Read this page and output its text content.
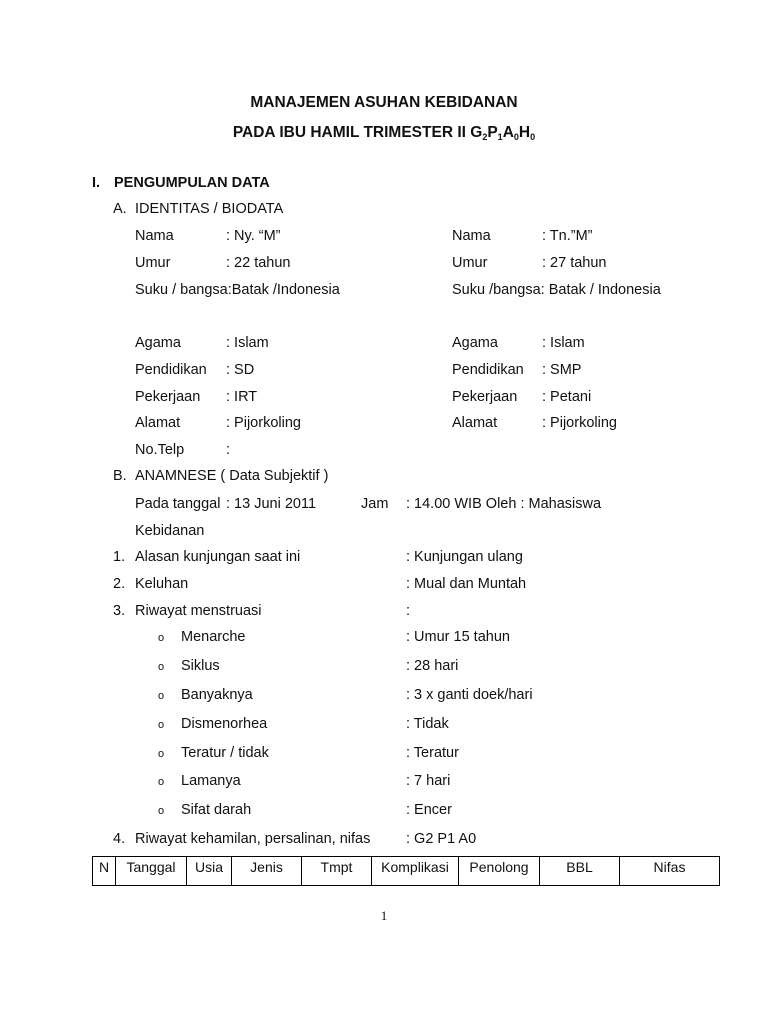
MANAJEMEN ASUHAN KEBIDANAN
PADA IBU HAMIL TRIMESTER II $G_2P_1A_0H_0$
I. PENGUMPULAN DATA
A. IDENTITAS / BIODATA
Nama	: Ny. “M”
Umur	: 22 tahun
Suku / bangsa:Batak /Indonesia
Agama	: Islam
Pendidikan : SD
Pekerjaan : IRT
Alamat	: Pijorkoling
No.Telp	:
Nama	: Tn.”M”
Umur	: 27 tahun
Suku /bangsa: Batak / Indonesia
Agama	: Islam
Pendidikan : SMP
Pekerjaan : Petani
Alamat	: Pijorkoling
B. ANAMNESE ( Data Subjektif )
Pada tanggal : 13 Juni 2011	Jam : 14.00 WIB Oleh : Mahasiswa
Kebidanan
1. Alasan kunjungan saat ini	: Kunjungan ulang
2. Keluhan	: Mual dan Muntah
3. Riwayat menstruasi	:
o Menarche	: Umur 15 tahun
o Siklus	: 28 hari
o Banyaknya	: 3 x ganti doek/hari
o Dismenorhea	: Tidak
o Teratur / tidak	: Teratur
o Lamanya	: 7 hari
o Sifat darah	: Encer
4. Riwayat kehamilan, persalinan, nifas : G2 P1 A0
N	Tanggal	Usia	Jenis	Tmpt	Komplikasi	Penolong	BBL	Nifas
1
